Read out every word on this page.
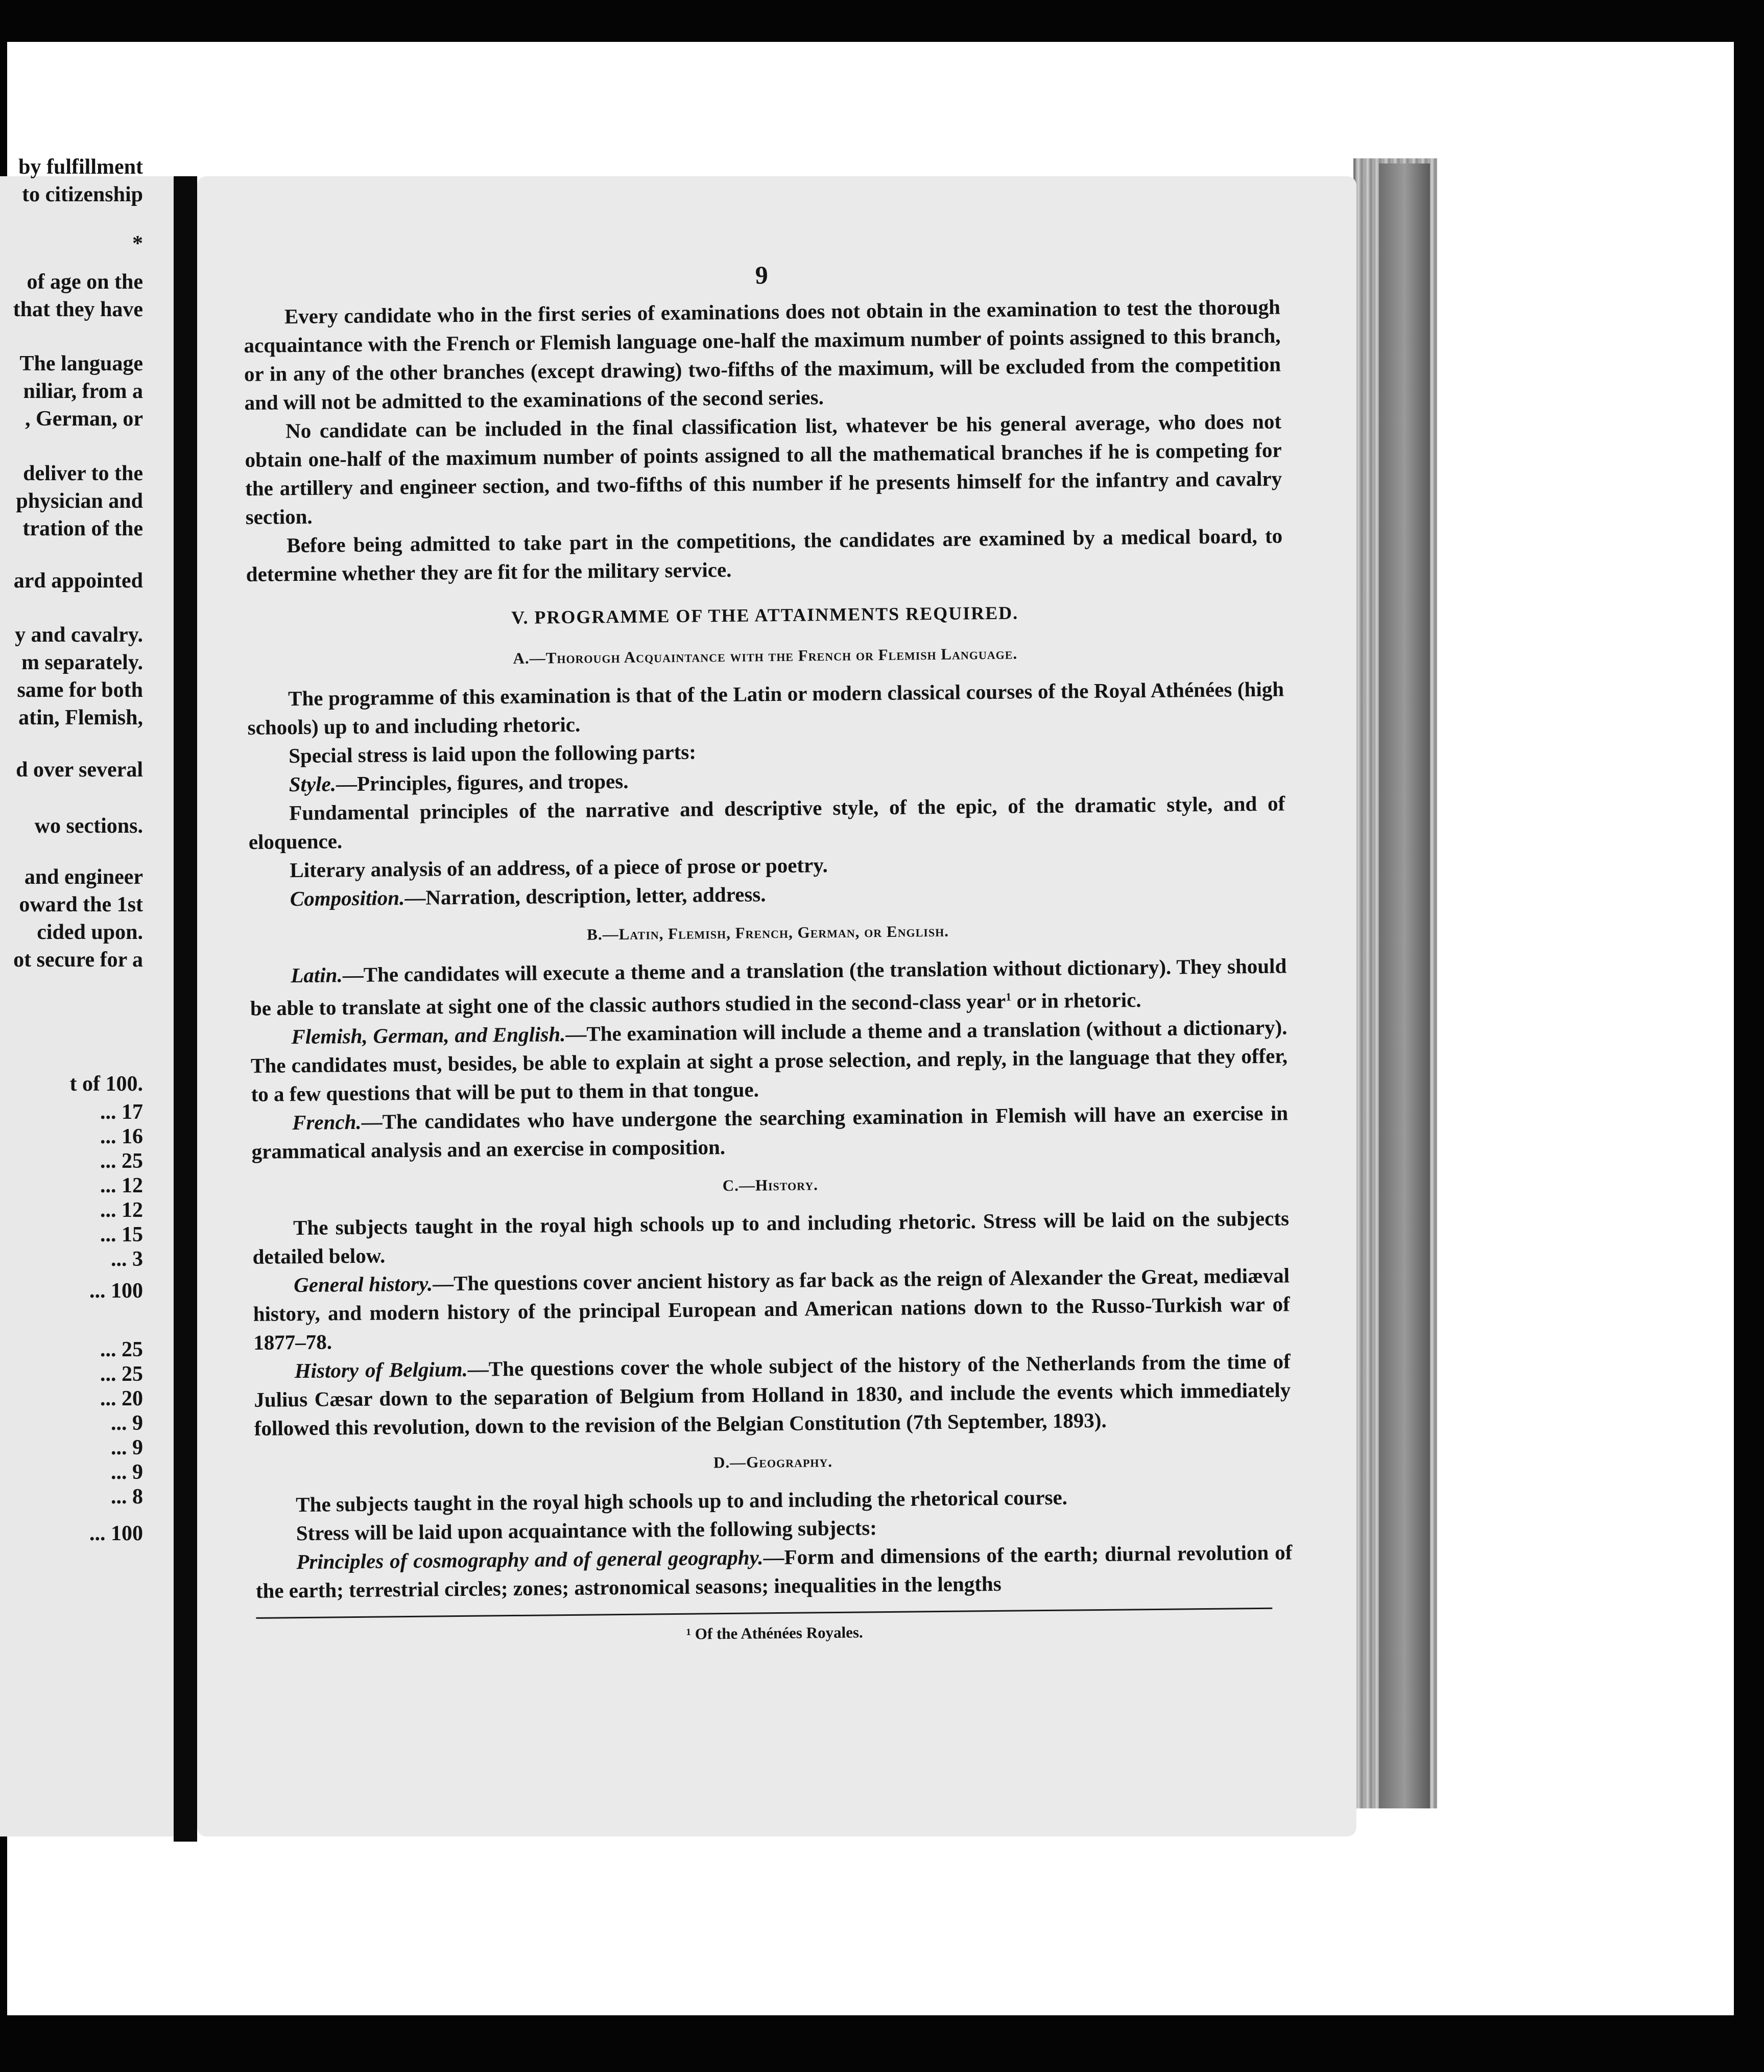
by fulfillment
to citizenship
*
of age on the
that they have
The language
niliar, from a
, German, or
deliver to the
physician and
tration of the
ard appointed
y and cavalry.
m separately.
same for both
atin, Flemish,
d over several
wo sections.
and engineer
oward the 1st
cided upon.
ot secure for a
t of 100.
... 17
... 16
... 25
... 12
... 12
... 15
... 3
... 100
... 25
... 25
... 20
... 9
... 9
... 9
... 8
... 100
9

Every candidate who in the first series of examinations does not obtain in the examination to test the thorough acquaintance with the French or Flemish language one-half the maximum number of points assigned to this branch, or in any of the other branches (except drawing) two-fifths of the maximum, will be excluded from the competition and will not be admitted to the examinations of the second series.

No candidate can be included in the final classification list, whatever be his general average, who does not obtain one-half of the maximum number of points assigned to all the mathematical branches if he is competing for the artillery and engineer section, and two-fifths of this number if he presents himself for the infantry and cavalry section.

Before being admitted to take part in the competitions, the candidates are examined by a medical board, to determine whether they are fit for the military service.

V. PROGRAMME OF THE ATTAINMENTS REQUIRED.
A.—Thorough Acquaintance with the French or Flemish Language.

The programme of this examination is that of the Latin or modern classical courses of the Royal Athénées (high schools) up to and including rhetoric.

Special stress is laid upon the following parts:

Style.—Principles, figures, and tropes.

Fundamental principles of the narrative and descriptive style, of the epic, of the dramatic style, and of eloquence.

Literary analysis of an address, of a piece of prose or poetry.

Composition.—Narration, description, letter, address.

B.—Latin, Flemish, French, German, or English.

Latin.—The candidates will execute a theme and a translation (the translation without dictionary). They should be able to translate at sight one of the classic authors studied in the second-class year$^1$ or in rhetoric.

Flemish, German, and English.—The examination will include a theme and a translation (without a dictionary). The candidates must, besides, be able to explain at sight a prose selection, and reply, in the language that they offer, to a few questions that will be put to them in that tongue.

French.—The candidates who have undergone the searching examination in Flemish will have an exercise in grammatical analysis and an exercise in composition.

C.—History.

The subjects taught in the royal high schools up to and including rhetoric. Stress will be laid on the subjects detailed below.

General history.—The questions cover ancient history as far back as the reign of Alexander the Great, mediæval history, and modern history of the principal European and American nations down to the Russo-Turkish war of 1877–78.

History of Belgium.—The questions cover the whole subject of the history of the Netherlands from the time of Julius Cæsar down to the separation of Belgium from Holland in 1830, and include the events which immediately followed this revolution, down to the revision of the Belgian Constitution (7th September, 1893).

D.—Geography.

The subjects taught in the royal high schools up to and including the rhetorical course.

Stress will be laid upon acquaintance with the following subjects:

Principles of cosmography and of general geography.—Form and dimensions of the earth; diurnal revolution of the earth; terrestrial circles; zones; astronomical seasons; inequalities in the lengths

¹ Of the Athénées Royales.
